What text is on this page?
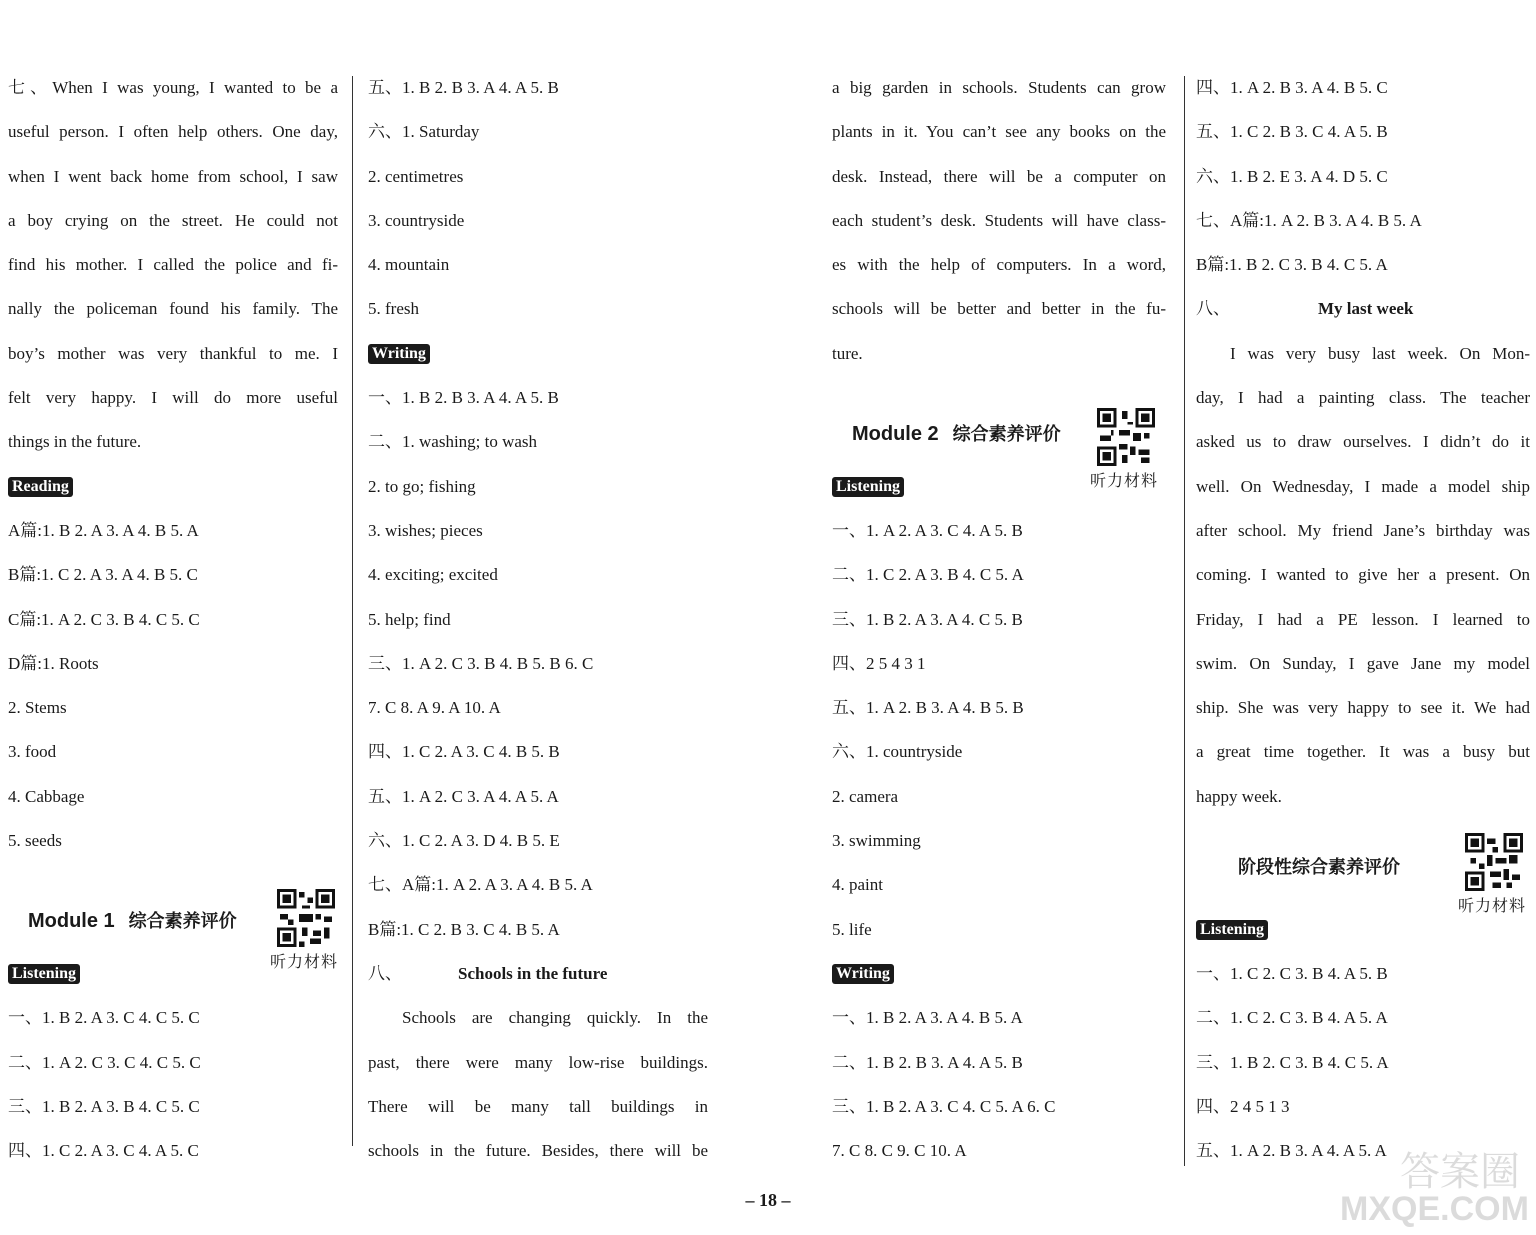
七、When I was young, I wanted to be a
useful person. I often help others. One day,
when I went back home from school, I saw
a boy crying on the street. He could not
find his mother. I called the police and fi-
nally the policeman found his family. The
boy’s mother was very thankful to me. I
felt very happy. I will do more useful
things in the future.
Reading
A篇:1. B 2. A 3. A 4. B 5. A
B篇:1. C 2. A 3. A 4. B 5. C
C篇:1. A 2. C 3. B 4. C 5. C
D篇:1. Roots
2. Stems
3. food
4. Cabbage
5. seeds
Module 1 综合素养评价
听力材料
Listening
一、1. B 2. A 3. C 4. C 5. C
二、1. A 2. C 3. C 4. C 5. C
三、1. B 2. A 3. B 4. C 5. C
四、1. C 2. A 3. C 4. A 5. C
五、1. B 2. B 3. A 4. A 5. B
六、1. Saturday
2. centimetres
3. countryside
4. mountain
5. fresh
Writing
一、1. B 2. B 3. A 4. A 5. B
二、1. washing; to wash
2. to go; fishing
3. wishes; pieces
4. exciting; excited
5. help; find
三、1. A 2. C 3. B 4. B 5. B 6. C
7. C 8. A 9. A 10. A
四、1. C 2. A 3. C 4. B 5. B
五、1. A 2. C 3. A 4. A 5. A
六、1. C 2. A 3. D 4. B 5. E
七、A篇:1. A 2. A 3. A 4. B 5. A
B篇:1. C 2. B 3. C 4. B 5. A
八、	Schools in the future
Schools are changing quickly. In the
past, there were many low-rise buildings.
There will be many tall buildings in
schools in the future. Besides, there will be
a big garden in schools. Students can grow
plants in it. You can’t see any books on the
desk. Instead, there will be a computer on
each student’s desk. Students will have class-
es with the help of computers. In a word,
schools will be better and better in the fu-
ture.
Module 2 综合素养评价
听力材料
Listening
一、1. A 2. A 3. C 4. A 5. B
二、1. C 2. A 3. B 4. C 5. A
三、1. B 2. A 3. A 4. C 5. B
四、2 5 4 3 1
五、1. A 2. B 3. A 4. B 5. B
六、1. countryside
2. camera
3. swimming
4. paint
5. life
Writing
一、1. B 2. A 3. A 4. B 5. A
二、1. B 2. B 3. A 4. A 5. B
三、1. B 2. A 3. C 4. C 5. A 6. C
7. C 8. C 9. C 10. A
四、1. A 2. B 3. A 4. B 5. C
五、1. C 2. B 3. C 4. A 5. B
六、1. B 2. E 3. A 4. D 5. C
七、A篇:1. A 2. B 3. A 4. B 5. A
B篇:1. B 2. C 3. B 4. C 5. A
八、	My last week
I was very busy last week. On Mon-
day, I had a painting class. The teacher
asked us to draw ourselves. I didn’t do it
well. On Wednesday, I made a model ship
after school. My friend Jane’s birthday was
coming. I wanted to give her a present. On
Friday, I had a PE lesson. I learned to
swim. On Sunday, I gave Jane my model
ship. She was very happy to see it. We had
a great time together. It was a busy but
happy week.
阶段性综合素养评价
听力材料
Listening
一、1. C 2. C 3. B 4. A 5. B
二、1. C 2. C 3. B 4. A 5. A
三、1. B 2. C 3. B 4. C 5. A
四、2 4 5 1 3
五、1. A 2. B 3. A 4. A 5. A
– 18 –
答案圈
MXQE.COM
